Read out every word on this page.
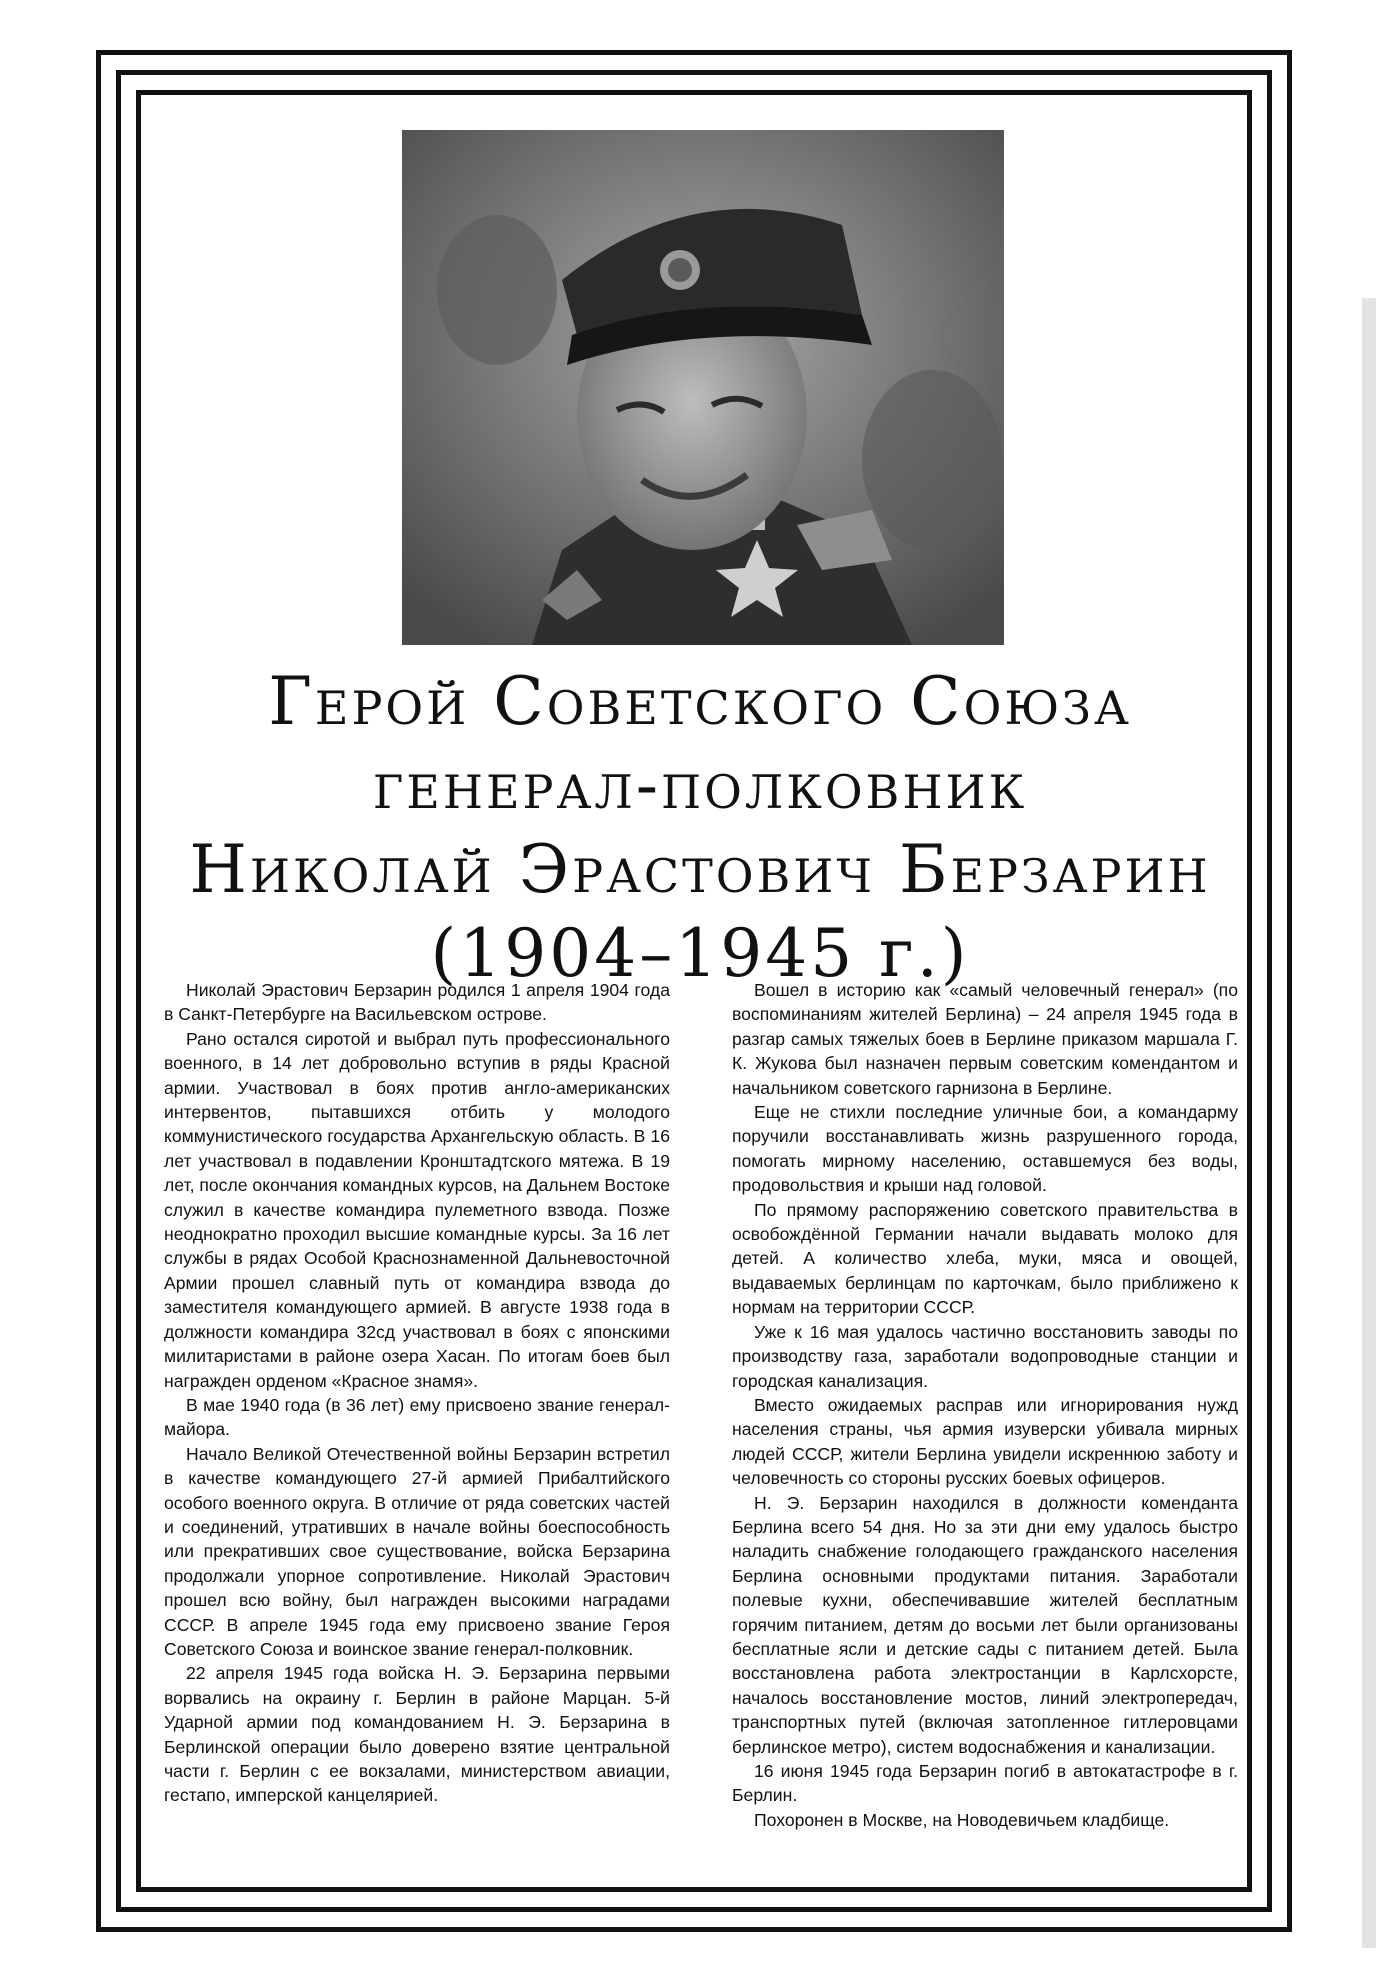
Герой Советского Союза
генерал-полковник
Николай Эрастович Берзарин
(1904–1945 г.)

Николай Эрастович Берзарин родился 1 апреля 1904 года в Санкт-Петербурге на Васильевском острове.

Рано остался сиротой и выбрал путь профессионального военного, в 14 лет добровольно вступив в ряды Красной армии. Участвовал в боях против англо-американских интервентов, пытавшихся отбить у молодого коммунистического государства Архангельскую область. В 16 лет участвовал в подавлении Кронштадтского мятежа. В 19 лет, после окончания командных курсов, на Дальнем Востоке служил в качестве командира пулеметного взвода. Позже неоднократно проходил высшие командные курсы. За 16 лет службы в рядах Особой Краснознаменной Дальневосточной Армии прошел славный путь от командира взвода до заместителя командующего армией. В августе 1938 года в должности командира 32сд участвовал в боях с японскими милитаристами в районе озера Хасан. По итогам боев был награжден орденом «Красное знамя».

В мае 1940 года (в 36 лет) ему присвоено звание генерал-майора.

Начало Великой Отечественной войны Берзарин встретил в качестве командующего 27-й армией Прибалтийского особого военного округа. В отличие от ряда советских частей и соединений, утративших в начале войны боеспособность или прекративших свое существование, войска Берзарина продолжали упорное сопротивление. Николай Эрастович прошел всю войну, был награжден высокими наградами СССР. В апреле 1945 года ему присвоено звание Героя Советского Союза и воинское звание генерал-полковник.

22 апреля 1945 года войска Н. Э. Берзарина первыми ворвались на окраину г. Берлин в районе Марцан. 5-й Ударной армии под командованием Н. Э. Берзарина в Берлинской операции было доверено взятие центральной части г. Берлин с ее вокзалами, министерством авиации, гестапо, имперской канцелярией.

Вошел в историю как «самый человечный генерал» (по воспоминаниям жителей Берлина) – 24 апреля 1945 года в разгар самых тяжелых боев в Берлине приказом маршала Г. К. Жукова был назначен первым советским комендантом и начальником советского гарнизона в Берлине.

Еще не стихли последние уличные бои, а командарму поручили восстанавливать жизнь разрушенного города, помогать мирному населению, оставшемуся без воды, продовольствия и крыши над головой.

По прямому распоряжению советского правительства в освобождённой Германии начали выдавать молоко для детей. А количество хлеба, муки, мяса и овощей, выдаваемых берлинцам по карточкам, было приближено к нормам на территории СССР.

Уже к 16 мая удалось частично восстановить заводы по производству газа, заработали водопроводные станции и городская канализация.

Вместо ожидаемых расправ или игнорирования нужд населения страны, чья армия изуверски убивала мирных людей СССР, жители Берлина увидели искреннюю заботу и человечность со стороны русских боевых офицеров.

Н. Э. Берзарин находился в должности коменданта Берлина всего 54 дня. Но за эти дни ему удалось быстро наладить снабжение голодающего гражданского населения Берлина основными продуктами питания. Заработали полевые кухни, обеспечивавшие жителей бесплатным горячим питанием, детям до восьми лет были организованы бесплатные ясли и детские сады с питанием детей. Была восстановлена работа электростанции в Карлсхорсте, началось восстановление мостов, линий электропередач, транспортных путей (включая затопленное гитлеровцами берлинское метро), систем водоснабжения и канализации.

16 июня 1945 года Берзарин погиб в автокатастрофе в г. Берлин.

Похоронен в Москве, на Новодевичьем кладбище.
